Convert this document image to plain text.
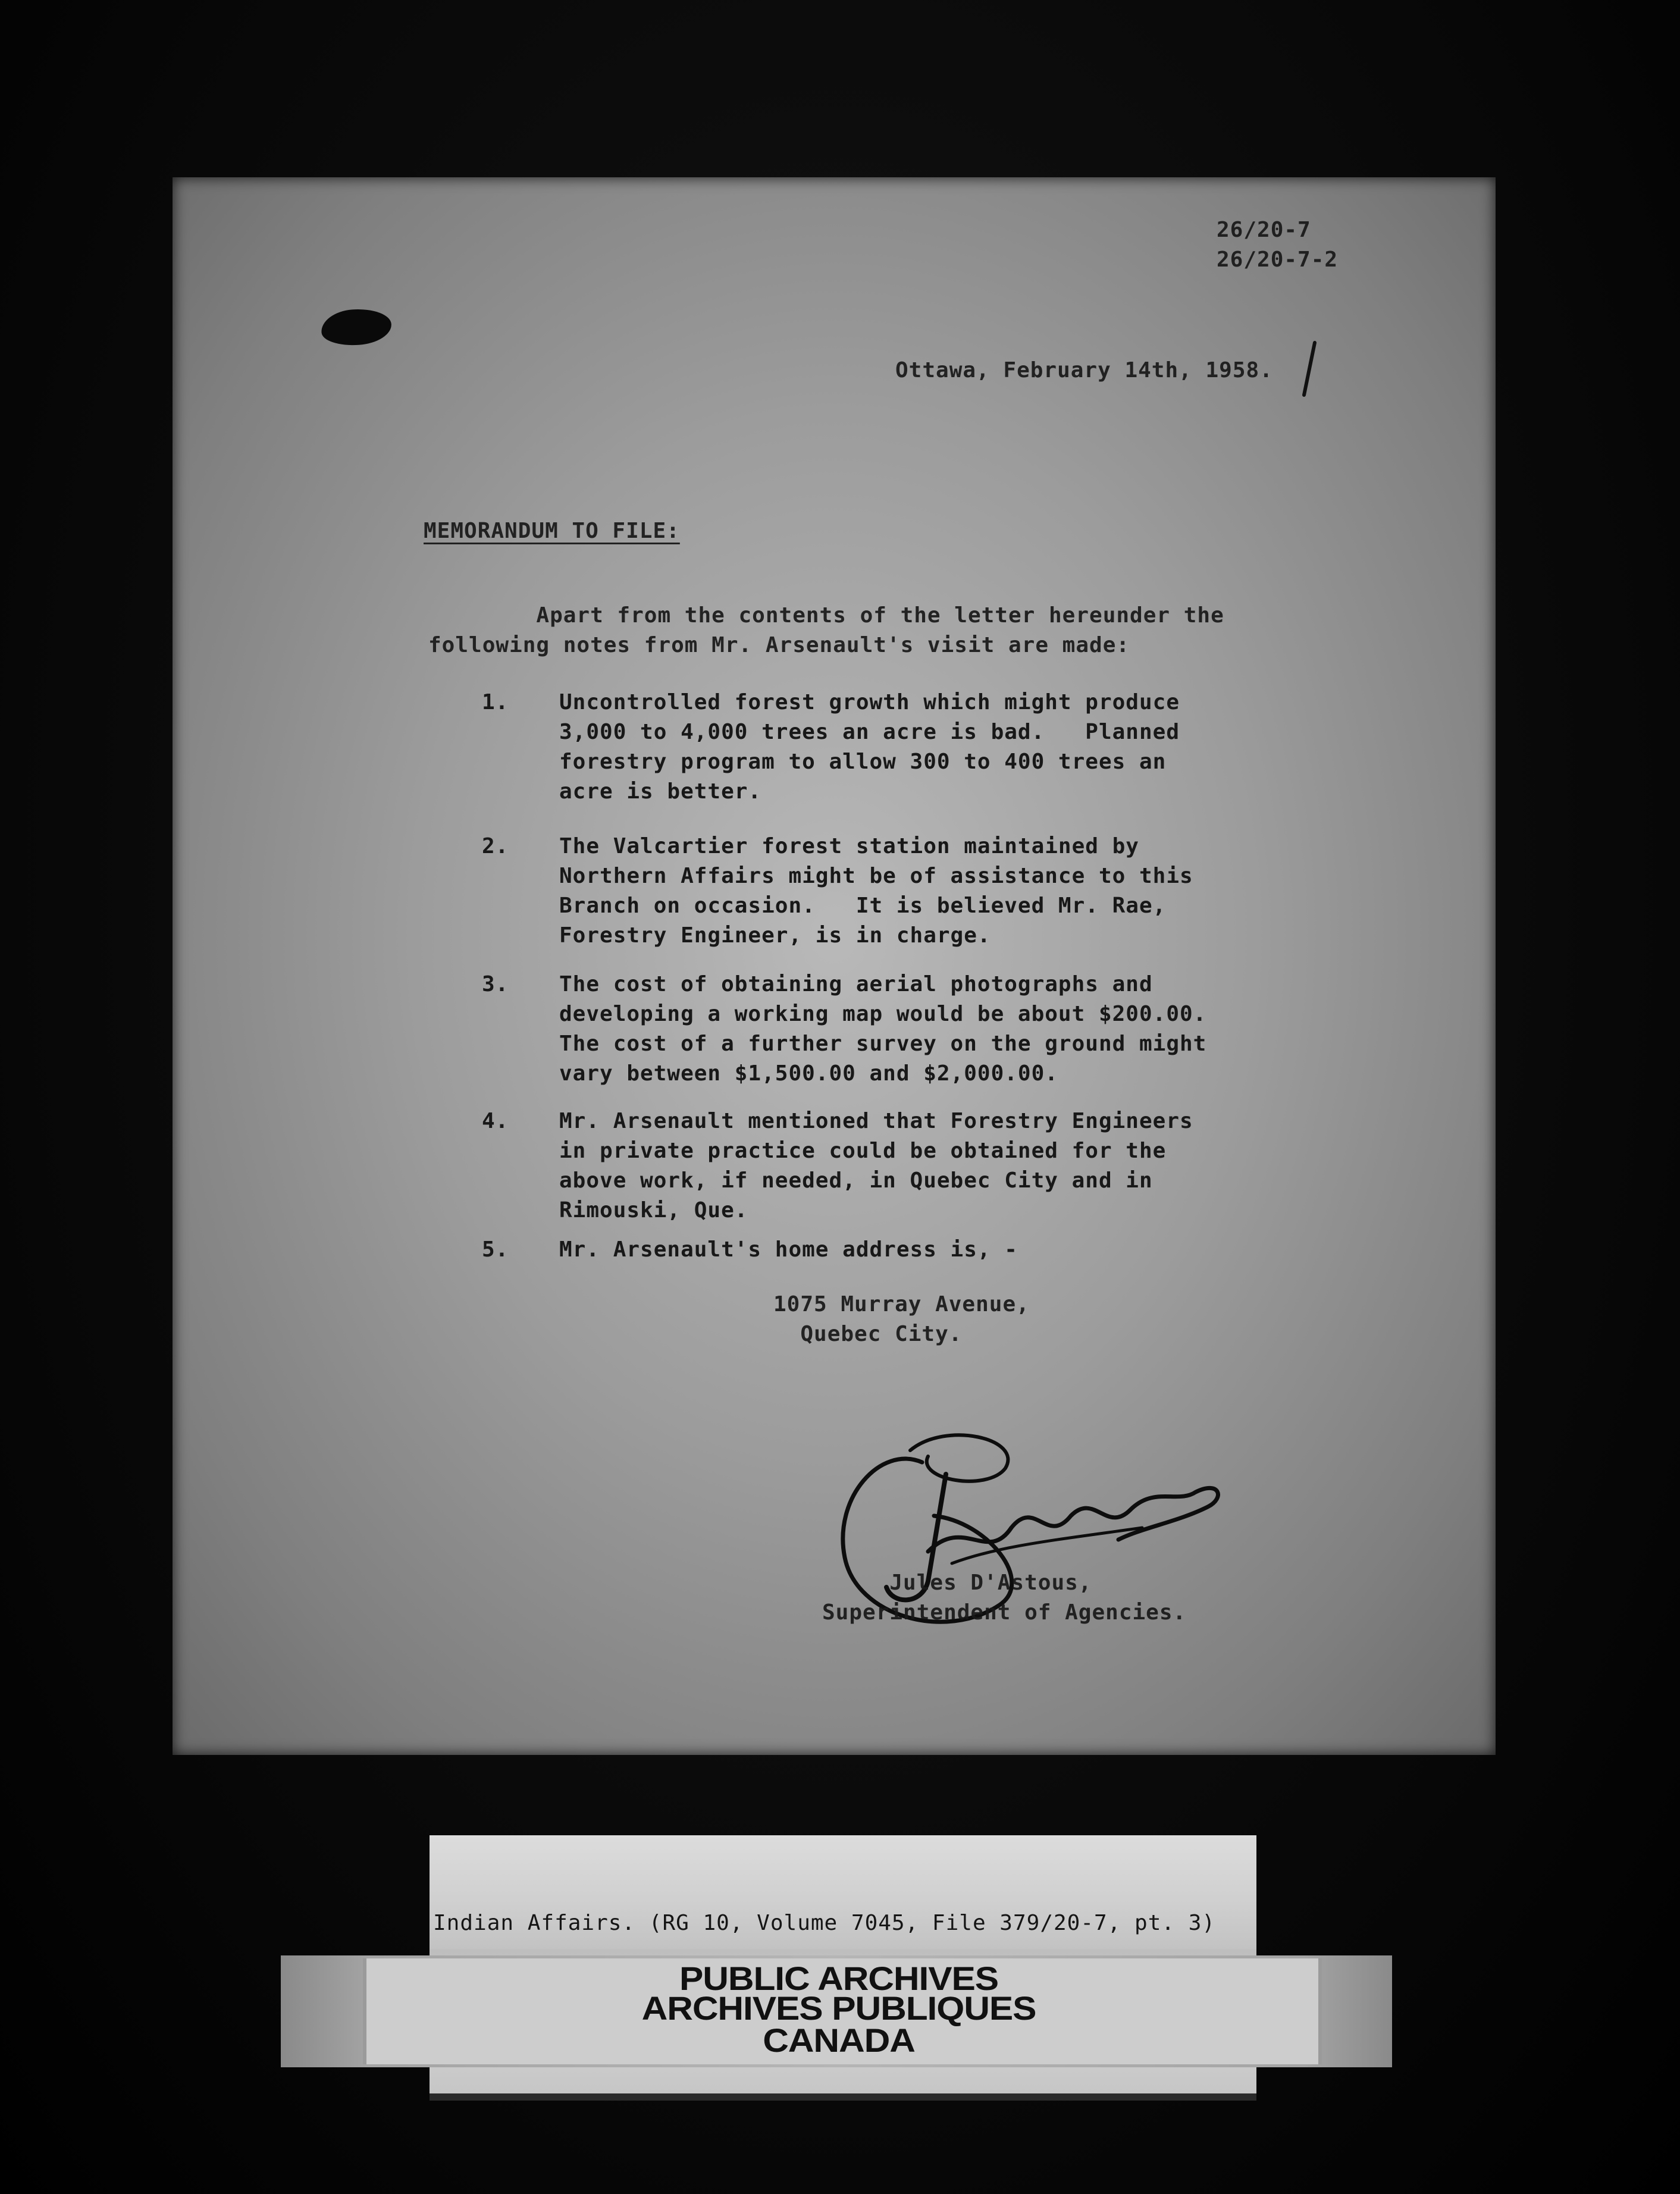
26/20-7
26/20-7-2
Ottawa, February 14th, 1958.
MEMORANDUM TO FILE:
Apart from the contents of the letter hereunder the
following notes from Mr. Arsenault's visit are made:
1. Uncontrolled forest growth which might produce
3,000 to 4,000 trees an acre is bad.   Planned
forestry program to allow 300 to 400 trees an
acre is better.
2. The Valcartier forest station maintained by
Northern Affairs might be of assistance to this
Branch on occasion.   It is believed Mr. Rae,
Forestry Engineer, is in charge.
3. The cost of obtaining aerial photographs and
developing a working map would be about $200.00.
The cost of a further survey on the ground might
vary between $1,500.00 and $2,000.00.
4. Mr. Arsenault mentioned that Forestry Engineers
in private practice could be obtained for the
above work, if needed, in Quebec City and in
Rimouski, Que.
5. Mr. Arsenault's home address is, -
1075 Murray Avenue,
Quebec City.
Jules D'Astous,
Superintendent of Agencies.
Indian Affairs. (RG 10, Volume 7045, File 379/20-7, pt. 3)
PUBLIC ARCHIVES
ARCHIVES PUBLIQUES
CANADA
